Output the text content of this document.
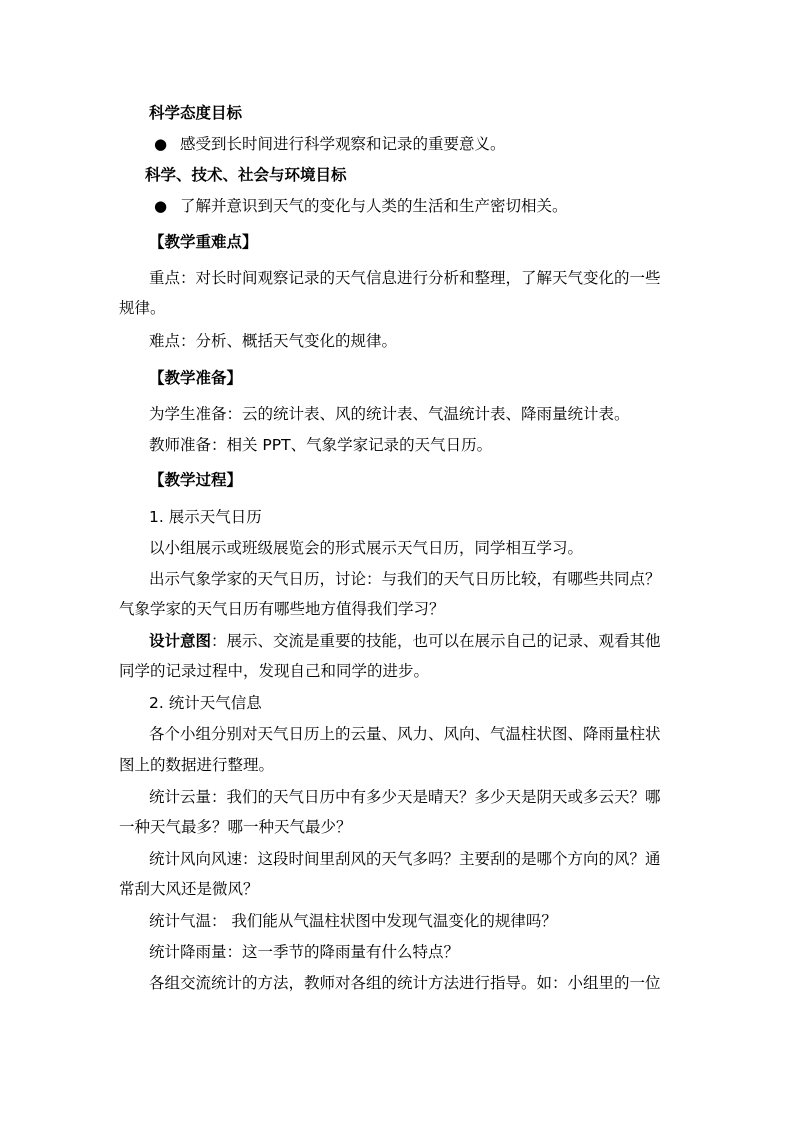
科学态度目标
● 感受到长时间进行科学观察和记录的重要意义。
科学、技术、社会与环境目标
● 了解并意识到天气的变化与人类的生活和生产密切相关。
【教学重难点】
重点：对长时间观察记录的天气信息进行分析和整理，了解天气变化的一些
规律。
难点：分析、概括天气变化的规律。
【教学准备】
为学生准备：云的统计表、风的统计表、气温统计表、降雨量统计表。
教师准备：相关 PPT、气象学家记录的天气日历。
【教学过程】
1. 展示天气日历
以小组展示或班级展览会的形式展示天气日历，同学相互学习。
出示气象学家的天气日历，讨论：与我们的天气日历比较，有哪些共同点？
气象学家的天气日历有哪些地方值得我们学习？
设计意图：展示、交流是重要的技能，也可以在展示自己的记录、观看其他
同学的记录过程中，发现自己和同学的进步。
2. 统计天气信息
各个小组分别对天气日历上的云量、风力、风向、气温柱状图、降雨量柱状
图上的数据进行整理。
统计云量：我们的天气日历中有多少天是晴天？多少天是阴天或多云天？哪
一种天气最多？哪一种天气最少？
统计风向风速：这段时间里刮风的天气多吗？主要刮的是哪个方向的风？通
常刮大风还是微风？
统计气温： 我们能从气温柱状图中发现气温变化的规律吗？
统计降雨量：这一季节的降雨量有什么特点？
各组交流统计的方法，教师对各组的统计方法进行指导。如：小组里的一位
